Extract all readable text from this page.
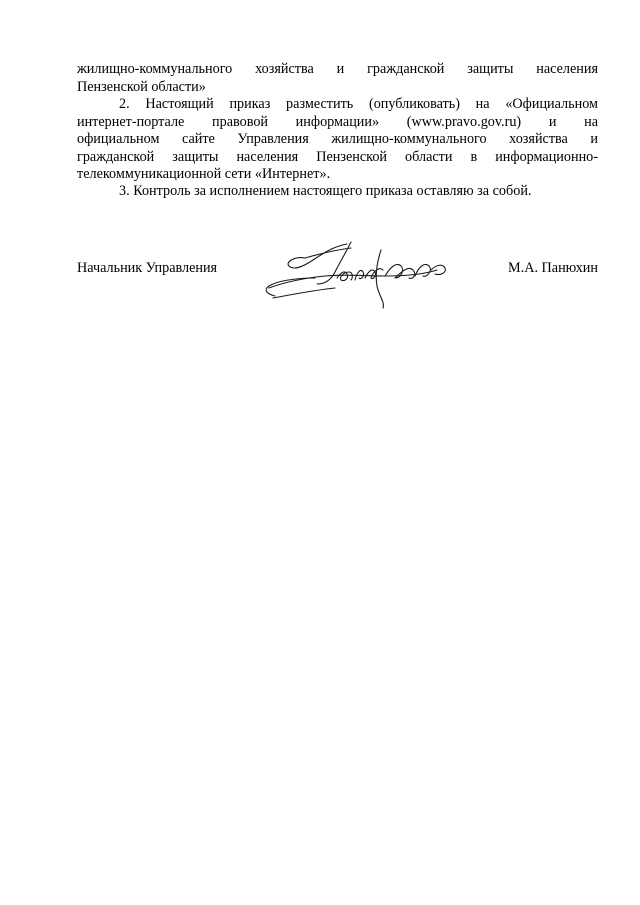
жилищно-коммунального хозяйства и гражданской защиты населения
Пензенской области»
2. Настоящий приказ разместить (опубликовать) на «Официальном
интернет-портале правовой информации» (www.pravo.gov.ru) и на
официальном сайте Управления жилищно-коммунального хозяйства и
гражданской защиты населения Пензенской области в информационно-
телекоммуникационной сети «Интернет».
3. Контроль за исполнением настоящего приказа оставляю за собой.
Начальник Управления	М.А. Панюхин
